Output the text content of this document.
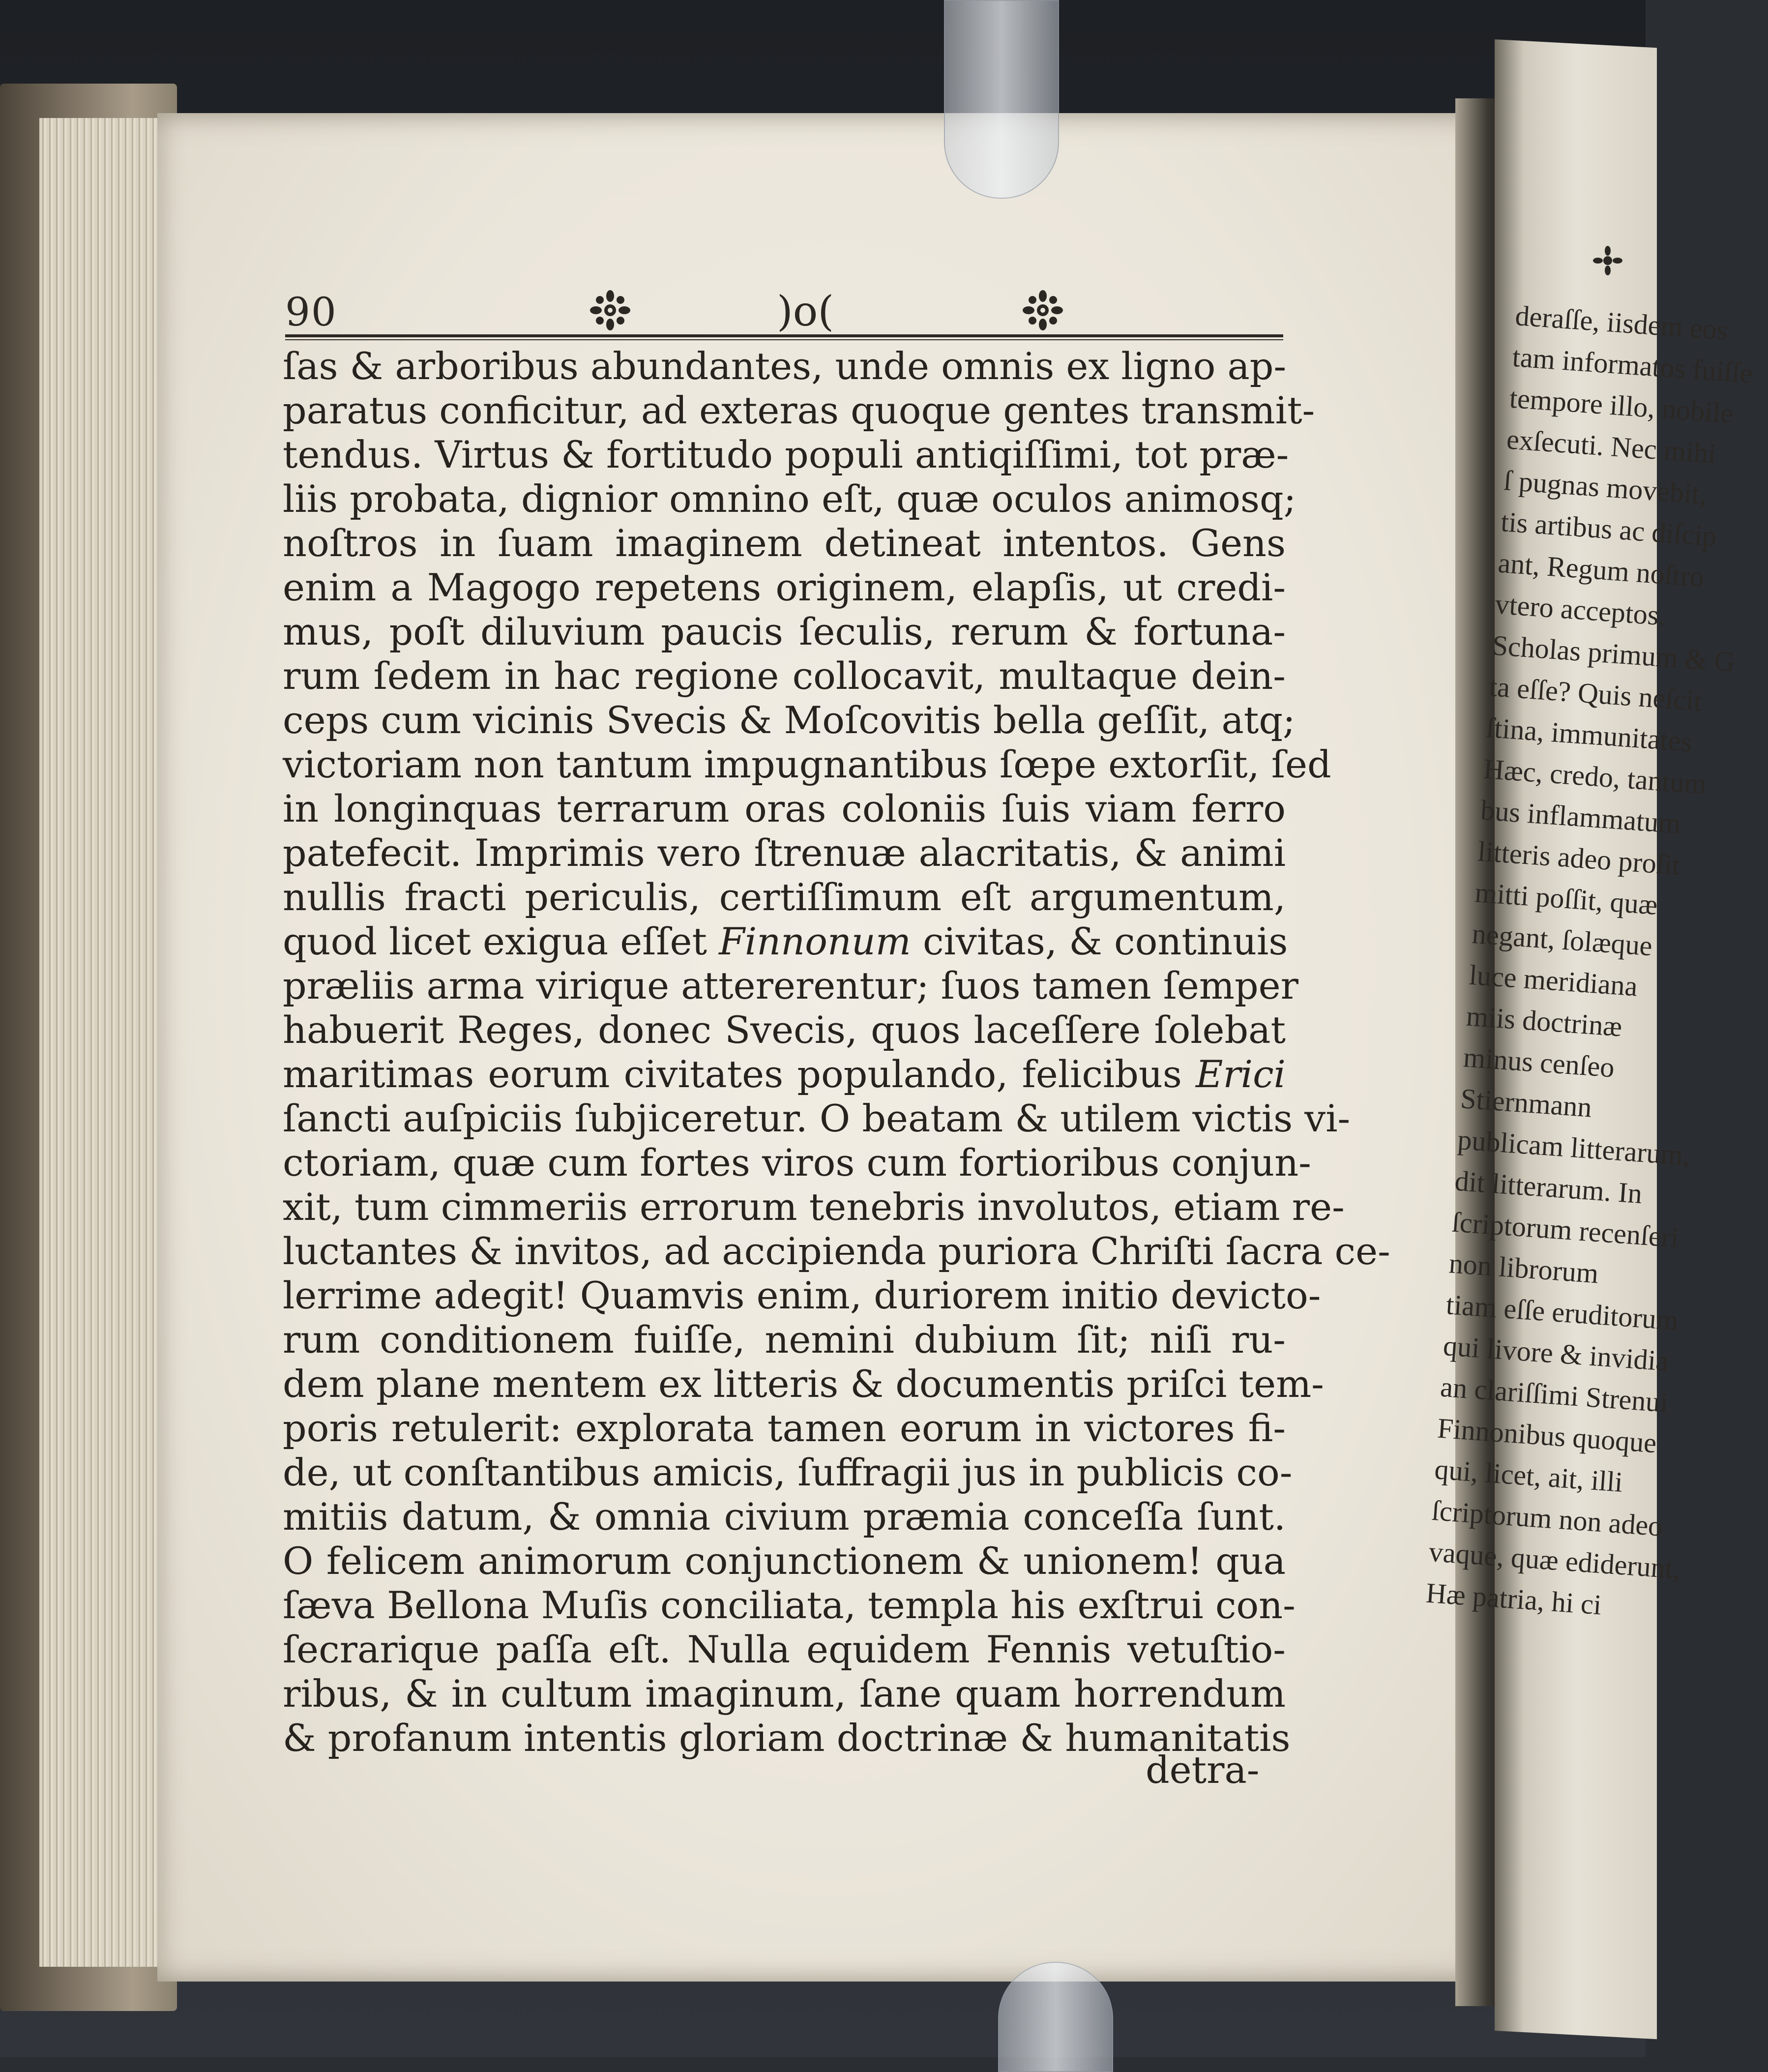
deraſſe, iisdem eos
tam informatos fuiſſe
tempore illo, nobile
exſecuti. Nec mihi
ſ pugnas movebit,
tis artibus ac diſcip
ant, Regum noſtro
vtero acceptos.
Scholas primum & G
ta eſſe? Quis neſcit
ſtina, immunitates
Hæc, credo, tantum
bus inflammatum
litteris adeo proſit
mitti poſſit, quæ
negant, ſolæque
luce meridiana
miis doctrinæ
minus cenſeo
Stiernmann
publicam litterarum,
dit litterarum. In
ſcriptorum recenſeri
non librorum
tiam eſſe eruditorum
qui livore & invidia
an clariſſimi Strenui
Finnonibus quoque
qui, licet, ait, illi
ſcriptorum non adeo
vaque, quæ ediderunt,
Hæ patria, hi ci
90	)o(
ſas & arboribus abundantes, unde omnis ex ligno ap-
paratus conficitur, ad exteras quoque gentes transmit-
tendus. Virtus & fortitudo populi antiqiſſimi, tot præ-
liis probata, dignior omnino eſt, quæ oculos animosq;
noſtros in ſuam imaginem detineat intentos. Gens
enim a Magogo repetens originem, elapſis, ut credi-
mus, poſt diluvium paucis ſeculis, rerum & fortuna-
rum ſedem in hac regione collocavit, multaque dein-
ceps cum vicinis Svecis & Moſcovitis bella geſſit, atq;
victoriam non tantum impugnantibus ſœpe extorſit, ſed
in longinquas terrarum oras coloniis ſuis viam ferro
patefecit. Imprimis vero ſtrenuæ alacritatis, & animi
nullis fracti periculis, certiſſimum eſt argumentum,
quod licet exigua eſſet Finnonum civitas, & continuis
præliis arma virique attererentur; ſuos tamen ſemper
habuerit Reges, donec Svecis, quos laceſſere ſolebat
maritimas eorum civitates populando, felicibus Erici
ſancti auſpiciis ſubjiceretur. O beatam & utilem victis vi-
ctoriam, quæ cum fortes viros cum fortioribus conjun-
xit, tum cimmeriis errorum tenebris involutos, etiam re-
luctantes & invitos, ad accipienda puriora Chriſti ſacra ce-
lerrime adegit! Quamvis enim, duriorem initio devicto-
rum conditionem fuiſſe, nemini dubium ſit; niſi ru-
dem plane mentem ex litteris & documentis priſci tem-
poris retulerit: explorata tamen eorum in victores fi-
de, ut conſtantibus amicis, ſuffragii jus in publicis co-
mitiis datum, & omnia civium præmia conceſſa ſunt.
O felicem animorum conjunctionem & unionem! qua
ſæva Bellona Muſis conciliata, templa his exſtrui con-
ſecrarique paſſa eſt. Nulla equidem Fennis vetuſtio-
ribus, & in cultum imaginum, ſane quam horrendum
& profanum intentis gloriam doctrinæ & humanitatis
detra-
